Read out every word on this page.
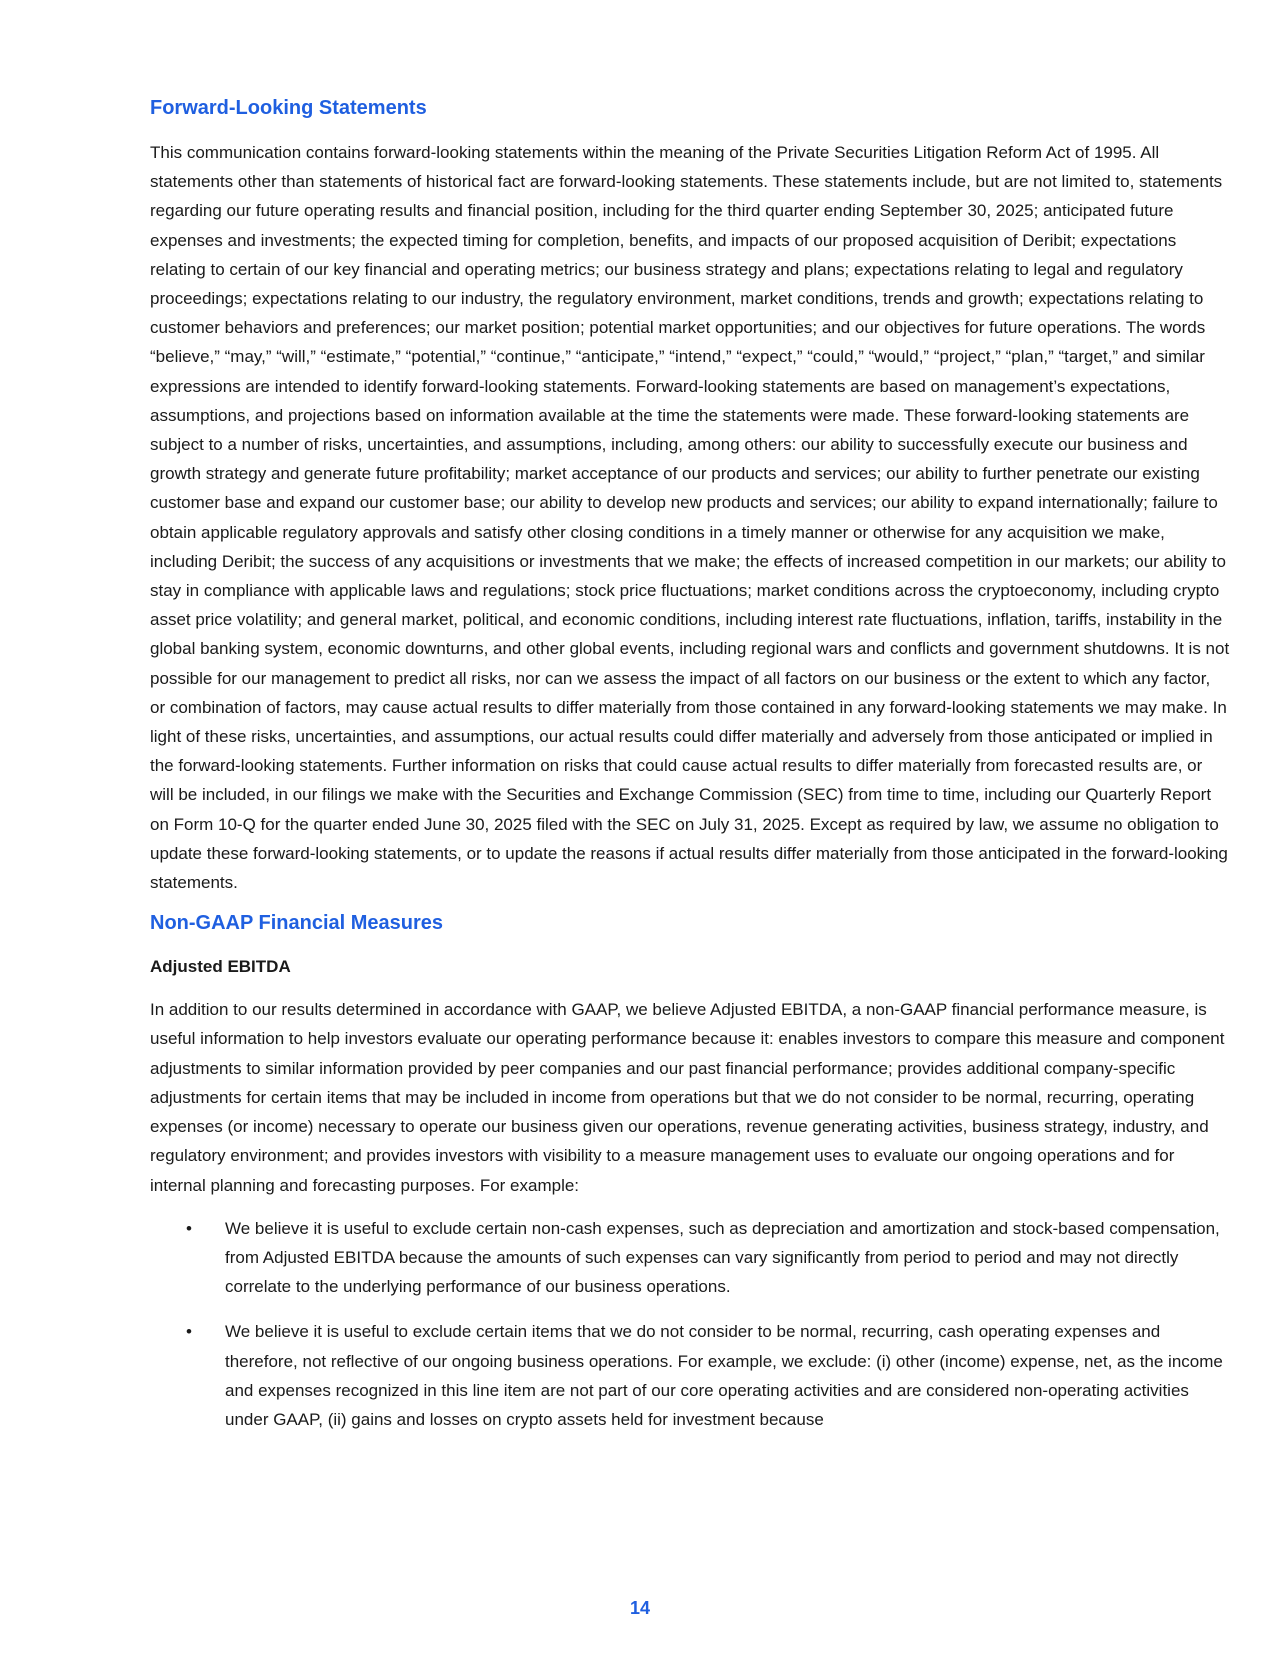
Forward-Looking Statements

This communication contains forward-looking statements within the meaning of the Private Securities Litigation Reform Act of 1995. All statements other than statements of historical fact are forward-looking statements. These statements include, but are not limited to, statements regarding our future operating results and financial position, including for the third quarter ending September 30, 2025; anticipated future expenses and investments; the expected timing for completion, benefits, and impacts of our proposed acquisition of Deribit; expectations relating to certain of our key financial and operating metrics; our business strategy and plans; expectations relating to legal and regulatory proceedings; expectations relating to our industry, the regulatory environment, market conditions, trends and growth; expectations relating to customer behaviors and preferences; our market position; potential market opportunities; and our objectives for future operations. The words “believe,” “may,” “will,” “estimate,” “potential,” “continue,” “anticipate,” “intend,” “expect,” “could,” “would,” “project,” “plan,” “target,” and similar expressions are intended to identify forward-looking statements. Forward-looking statements are based on management’s expectations, assumptions, and projections based on information available at the time the statements were made. These forward-looking statements are subject to a number of risks, uncertainties, and assumptions, including, among others: our ability to successfully execute our business and growth strategy and generate future profitability; market acceptance of our products and services; our ability to further penetrate our existing customer base and expand our customer base; our ability to develop new products and services; our ability to expand internationally; failure to obtain applicable regulatory approvals and satisfy other closing conditions in a timely manner or otherwise for any acquisition we make, including Deribit; the success of any acquisitions or investments that we make; the effects of increased competition in our markets; our ability to stay in compliance with applicable laws and regulations; stock price fluctuations; market conditions across the cryptoeconomy, including crypto asset price volatility; and general market, political, and economic conditions, including interest rate fluctuations, inflation, tariffs, instability in the global banking system, economic downturns, and other global events, including regional wars and conflicts and government shutdowns. It is not possible for our management to predict all risks, nor can we assess the impact of all factors on our business or the extent to which any factor, or combination of factors, may cause actual results to differ materially from those contained in any forward-looking statements we may make. In light of these risks, uncertainties, and assumptions, our actual results could differ materially and adversely from those anticipated or implied in the forward-looking statements. Further information on risks that could cause actual results to differ materially from forecasted results are, or will be included, in our filings we make with the Securities and Exchange Commission (SEC) from time to time, including our Quarterly Report on Form 10-Q for the quarter ended June 30, 2025 filed with the SEC on July 31, 2025. Except as required by law, we assume no obligation to update these forward-looking statements, or to update the reasons if actual results differ materially from those anticipated in the forward-looking statements.

Non-GAAP Financial Measures
Adjusted EBITDA

In addition to our results determined in accordance with GAAP, we believe Adjusted EBITDA, a non-GAAP financial performance measure, is useful information to help investors evaluate our operating performance because it: enables investors to compare this measure and component adjustments to similar information provided by peer companies and our past financial performance; provides additional company-specific adjustments for certain items that may be included in income from operations but that we do not consider to be normal, recurring, operating expenses (or income) necessary to operate our business given our operations, revenue generating activities, business strategy, industry, and regulatory environment; and provides investors with visibility to a measure management uses to evaluate our ongoing operations and for internal planning and forecasting purposes. For example:

• We believe it is useful to exclude certain non-cash expenses, such as depreciation and amortization and stock-based compensation, from Adjusted EBITDA because the amounts of such expenses can vary significantly from period to period and may not directly correlate to the underlying performance of our business operations.
• We believe it is useful to exclude certain items that we do not consider to be normal, recurring, cash operating expenses and therefore, not reflective of our ongoing business operations. For example, we exclude: (i) other (income) expense, net, as the income and expenses recognized in this line item are not part of our core operating activities and are considered non-operating activities under GAAP, (ii) gains and losses on crypto assets held for investment because
14
